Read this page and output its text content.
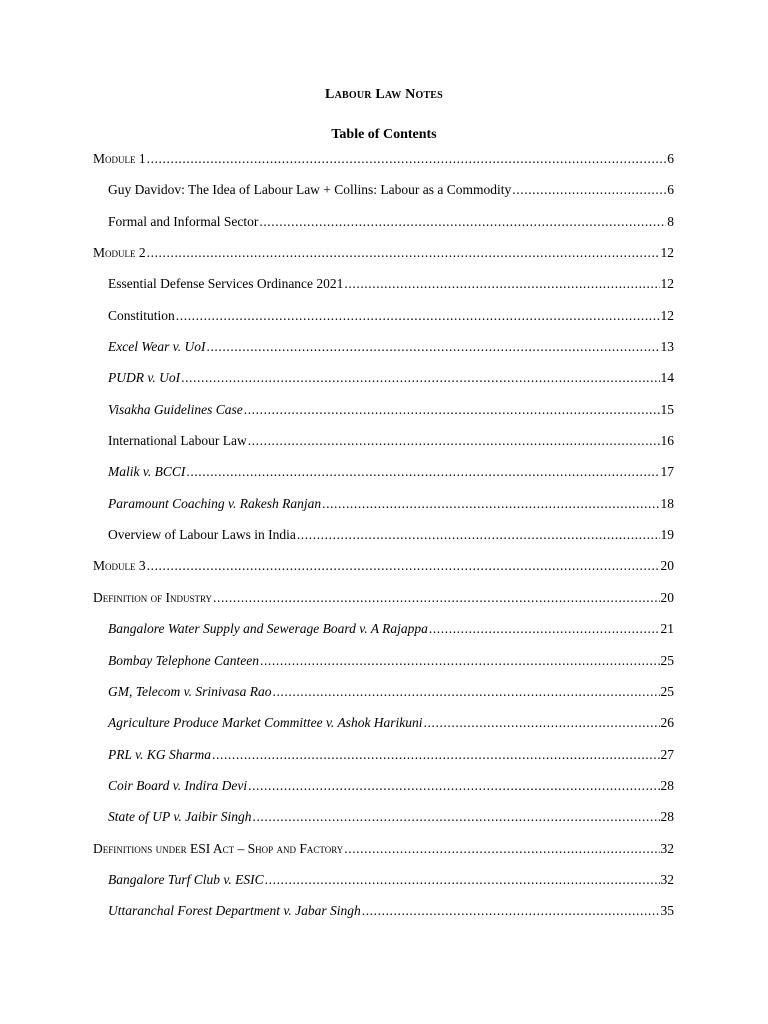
Labour Law Notes
Table of Contents
Module 1 .....	6
Guy Davidov: The Idea of Labour Law + Collins: Labour as a Commodity .....	6
Formal and Informal Sector .....	8
Module 2 .....	12
Essential Defense Services Ordinance 2021 .....	12
Constitution .....	12
Excel Wear v. UoI .....	13
PUDR v. UoI .....	14
Visakha Guidelines Case .....	15
International Labour Law .....	16
Malik v. BCCI .....	17
Paramount Coaching v. Rakesh Ranjan .....	18
Overview of Labour Laws in India .....	19
Module 3 .....	20
Definition of Industry .....	20
Bangalore Water Supply and Sewerage Board v. A Rajappa .....	21
Bombay Telephone Canteen .....	25
GM, Telecom v. Srinivasa Rao .....	25
Agriculture Produce Market Committee v. Ashok Harikuni .....	26
PRL v. KG Sharma .....	27
Coir Board v. Indira Devi .....	28
State of UP v. Jaibir Singh .....	28
Definitions under ESI Act – Shop and Factory .....	32
Bangalore Turf Club v. ESIC .....	32
Uttaranchal Forest Department v. Jabar Singh .....	35
